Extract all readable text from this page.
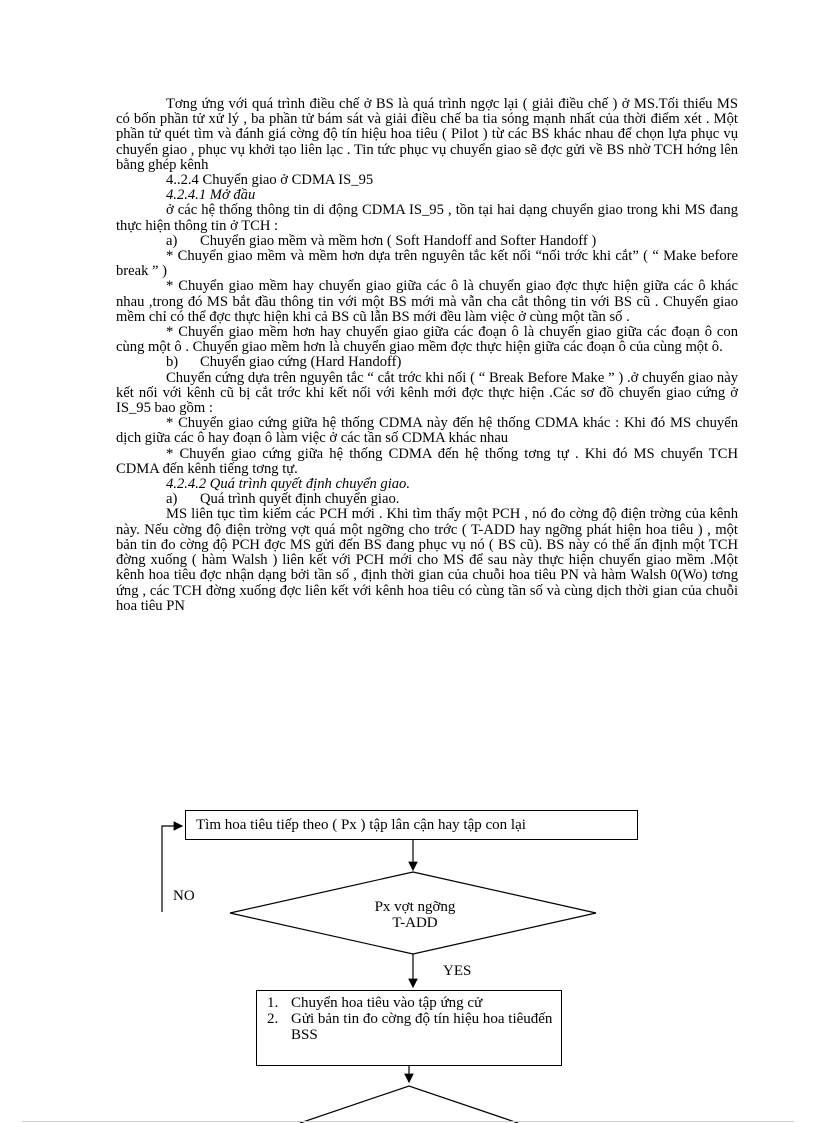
Tơng ứng với quá trình điều chế ở BS là quá trình ngợc lại ( giải điều chế ) ở MS.Tối thiểu MS có bốn phần tử xử lý , ba phần tử bám sát và giải điều chế ba tia sóng mạnh nhất của thời điểm xét . Một phần tử quét tìm và đánh giá cờng độ tín hiệu hoa tiêu ( Pilot ) từ các BS khác nhau để chọn lựa phục vụ chuyển giao , phục vụ khởi tạo liên lạc . Tin tức phục vụ chuyển giao sẽ đợc gửi về BS nhờ TCH hớng lên bằng ghép kênh

4..2.4 Chuyển giao ở CDMA IS_95

4.2.4.1 Mở đầu

ở các hệ thống thông tin di động CDMA IS_95 , tồn tại hai dạng chuyển giao trong khi MS đang thực hiện thông tin ở TCH :

a) Chuyển giao mềm và mềm hơn ( Soft Handoff and Softer Handoff )

* Chuyển giao mềm và mềm hơn dựa trên nguyên tắc kết nối “nối trớc khi cắt” ( “ Make before break ” )

* Chuyển giao mềm hay chuyển giao giữa các ô là chuyển giao đợc thực hiện giữa các ô khác nhau ,trong đó MS bắt đầu thông tin với một BS mới mà vẫn cha cắt thông tin với BS cũ . Chuyển giao mềm chỉ có thể đợc thực hiện khi cả BS cũ lẫn BS mới đều làm việc ở cùng một tần số .

* Chuyển giao mềm hơn hay chuyển giao giữa các đoạn ô là chuyển giao giữa các đoạn ô con cùng một ô . Chuyển giao mềm hơn là chuyển giao mềm đợc thực hiện giữa các đoạn ô của cùng một ô.

b) Chuyển giao cứng (Hard Handoff)

Chuyển cứng dựa trên nguyên tắc “ cắt trớc khi nối ( “ Break Before Make ” ) .ở chuyển giao này kết nối với kênh cũ bị cắt trớc khi kết nối với kênh mới đợc thực hiện .Các sơ đồ chuyển giao cứng ở IS_95 bao gồm :

* Chuyển giao cứng giữa hệ thống CDMA này đến hệ thống CDMA khác : Khi đó MS chuyển dịch giữa các ô hay đoạn ô làm việc ở các tần số CDMA khác nhau

* Chuyển giao cứng giữa hệ thống CDMA đến hệ thống tơng tự . Khi đó MS chuyển TCH CDMA đến kênh tiếng tơng tự.

4.2.4.2 Quá trình quyết định chuyển giao.

a) Quá trình quyết định chuyển giao.

MS liên tục tìm kiếm các PCH mới . Khi tìm thấy một PCH , nó đo cờng độ điện trờng của kênh này. Nếu cờng độ điện trờng vợt quá một ngỡng cho trớc ( T-ADD hay ngỡng phát hiện hoa tiêu ) , một bản tin đo cờng độ PCH đợc MS gửi đến BS đang phục vụ nó ( BS cũ). BS này có thể ấn định một TCH đờng xuống ( hàm Walsh ) liên kết với PCH mới cho MS để sau này thực hiện chuyển giao mềm .Một kênh hoa tiêu đợc nhận dạng bởi tần số , định thời gian của chuỗi hoa tiêu PN và hàm Walsh 0(Wo) tơng ứng , các TCH đờng xuống đợc liên kết với kênh hoa tiêu có cùng tần số và cùng dịch thời gian của chuỗi hoa tiêu PN

Tìm hoa tiêu tiếp theo ( Px ) tập lân cận hay tập con lại
NO
Px vợt ngỡng
T-ADD
YES
1. Chuyển hoa tiêu vào tập ứng cử
2. Gửi bản tin đo cờng độ tín hiệu hoa tiêuđến BSS
